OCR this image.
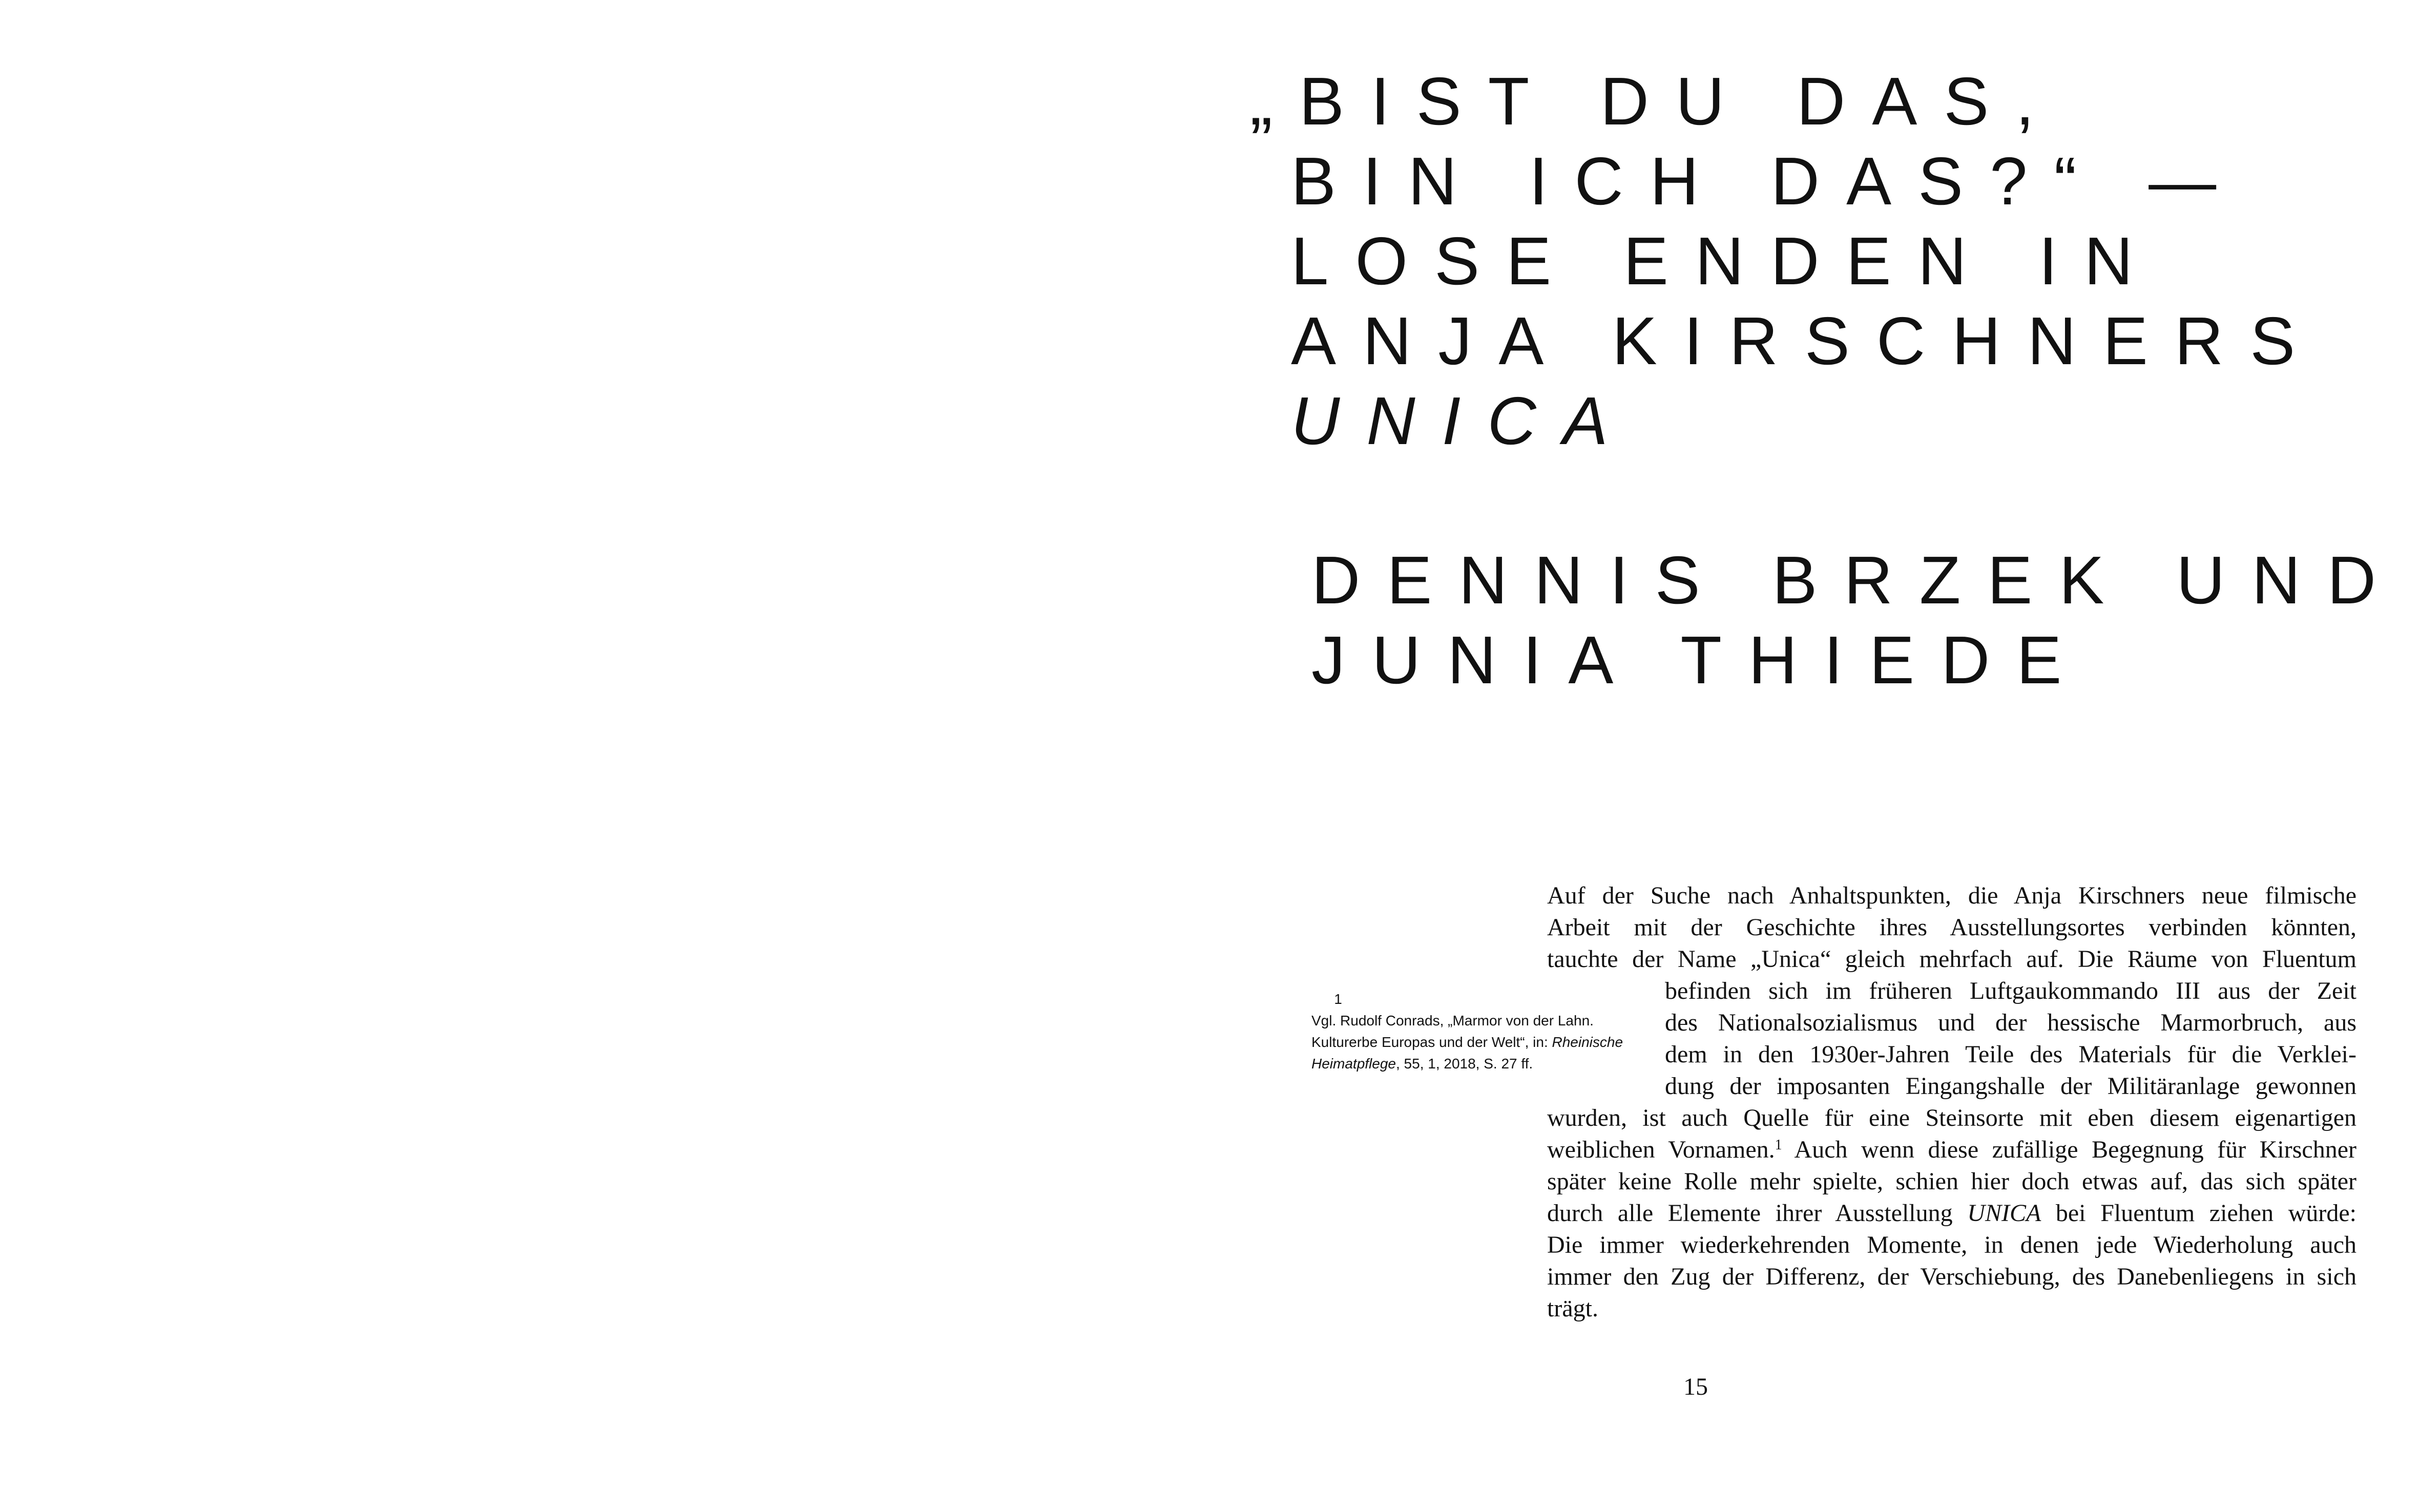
„BIST DU DAS,
BIN ICH DAS?“ —
LOSE ENDEN IN
ANJA KIRSCHNERS
UNICA
DENNIS BRZEK UND
JUNIA THIEDE
1
Vgl. Rudolf Conrads, „Marmor von der Lahn. Kulturerbe Europas und der Welt“, in: Rheinische Heimatpflege, 55, 1, 2018, S. 27 ff.
Auf der Suche nach Anhaltspunkten, die Anja Kirschners neue filmische
Arbeit mit der Geschichte ihres Ausstellungsortes verbinden könnten,
tauchte der Name „Unica“ gleich mehrfach auf. Die Räume von Fluentum
befinden sich im früheren Luftgaukommando III aus der Zeit
des Nationalsozialismus und der hessische Marmorbruch, aus
dem in den 1930er-Jahren Teile des Materials für die Verklei-
dung der imposanten Eingangshalle der Militäranlage gewonnen
wurden, ist auch Quelle für eine Steinsorte mit eben diesem eigenartigen
weiblichen Vornamen.$^1$ Auch wenn diese zufällige Begegnung für Kirschner
später keine Rolle mehr spielte, schien hier doch etwas auf, das sich später
durch alle Elemente ihrer Ausstellung UNICA bei Fluentum ziehen würde:
Die immer wiederkehrenden Momente, in denen jede Wiederholung auch
immer den Zug der Differenz, der Verschiebung, des Danebenliegens in sich
trägt.
15
